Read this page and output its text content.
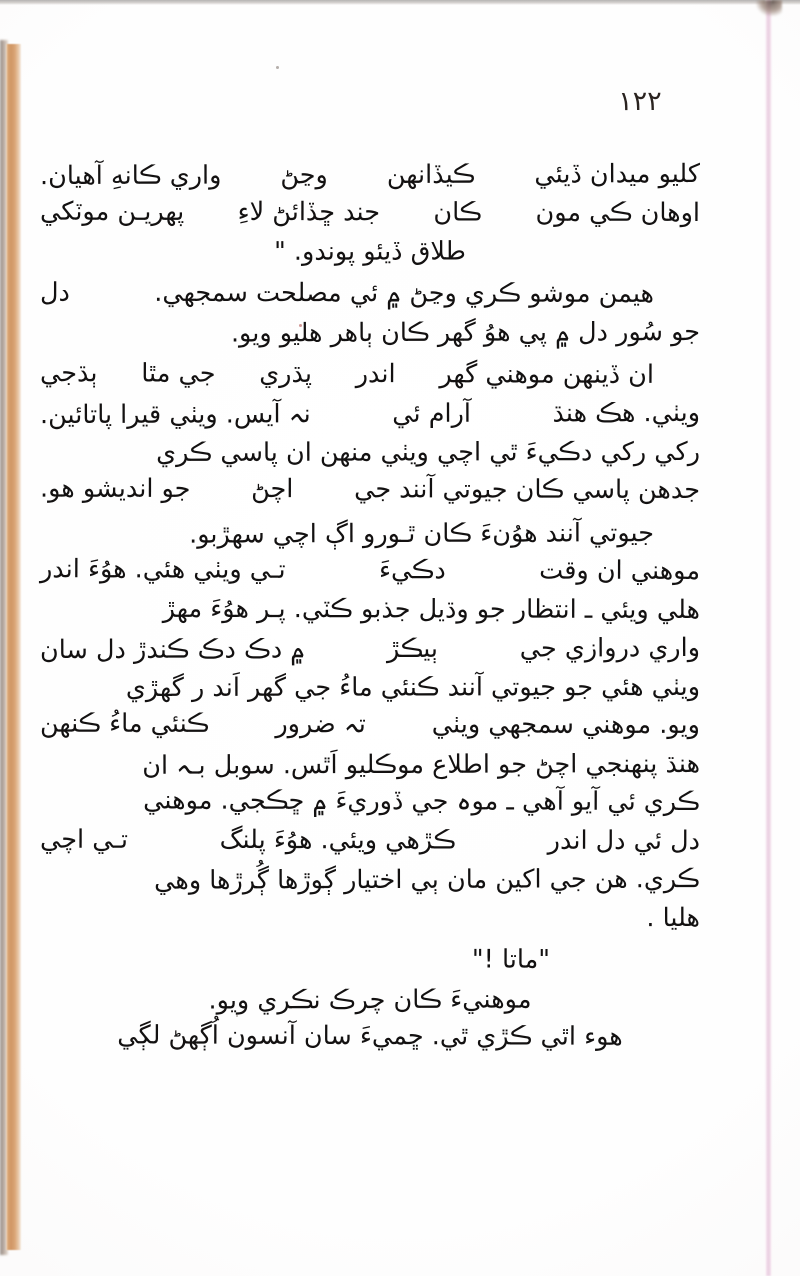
١٢٢
كليو ميدان ڏيئي
ڪيڏانهن
وڃڻ
واري ڪانهِ آهيان.
اوهان ڪي مون
ڪان
جند ڇڏائڻ لاءِ
پهريـن موٽكي
طلاق ڏيئو پوندو. "
هيمن موشو ڪري وڃڻ ۾ ئي مصلحت سمجهي.
دل
جو سُور دل ۾ پي هوُ گهر ڪان ٻاهر هليو ويو.
ان ڏينهن موهني گهر
اندر
پڌري
جي مٿا
ٻڌجي
ويٺي. هڪ هنڌ
آرام ئي
نہ آيس. ويٺي قيرا پاتائين.
رکي رکي دڪيءَ ٿي اچي ويٺي منهن ان پاسي ڪري
جدهن پاسي ڪان جيوتي آنند جي
اچڻ
جو انديشو هو.
جيوتي آنند هوُنءَ ڪان ٿـورو اڳ اچي سهڙبو.
موهني ان وقت
دڪيءَ
تـي ويٺي هئي. هوُءَ اندر
هلي ويئي ـ انتظار جو وڌيل جذبو ڪٽي. پـر هوُءَ مهڙ
واري دروازي جي
ٻيڪڙ
۾ دڪ دڪ ڪندڙ دل سان
ويٺي هئي جو جيوتي آنند ڪنئي ماءُ جي گهر اَند ر گهڙي
ويو. موهني سمجهي ويٺي
تہ ضرور
ڪنئي ماءُ ڪنهن
هنڌ پنهنجي اچڻ جو اطلاع موڪليو اَٿس. سوبل بـہ ان
ڪري ئي آيو آهي ـ موہ جي ڏوريءَ ۾ ڇڪجي. موهني
دل ئي دل اندر
ڪڙهي ويئي. هوُءَ پلنگ
تـي اچي
ڪري. هن جي اکين مان ٻي اختيار ڳوڙها ڳُرڙها وهي
هليا .
"ماتا !"
موهنيءَ ڪان چرڪ نڪري ويو.
هوء اٿي ڪڙي ٿي. ڇميءَ سان آنسون اُڳهڻ لڳي
